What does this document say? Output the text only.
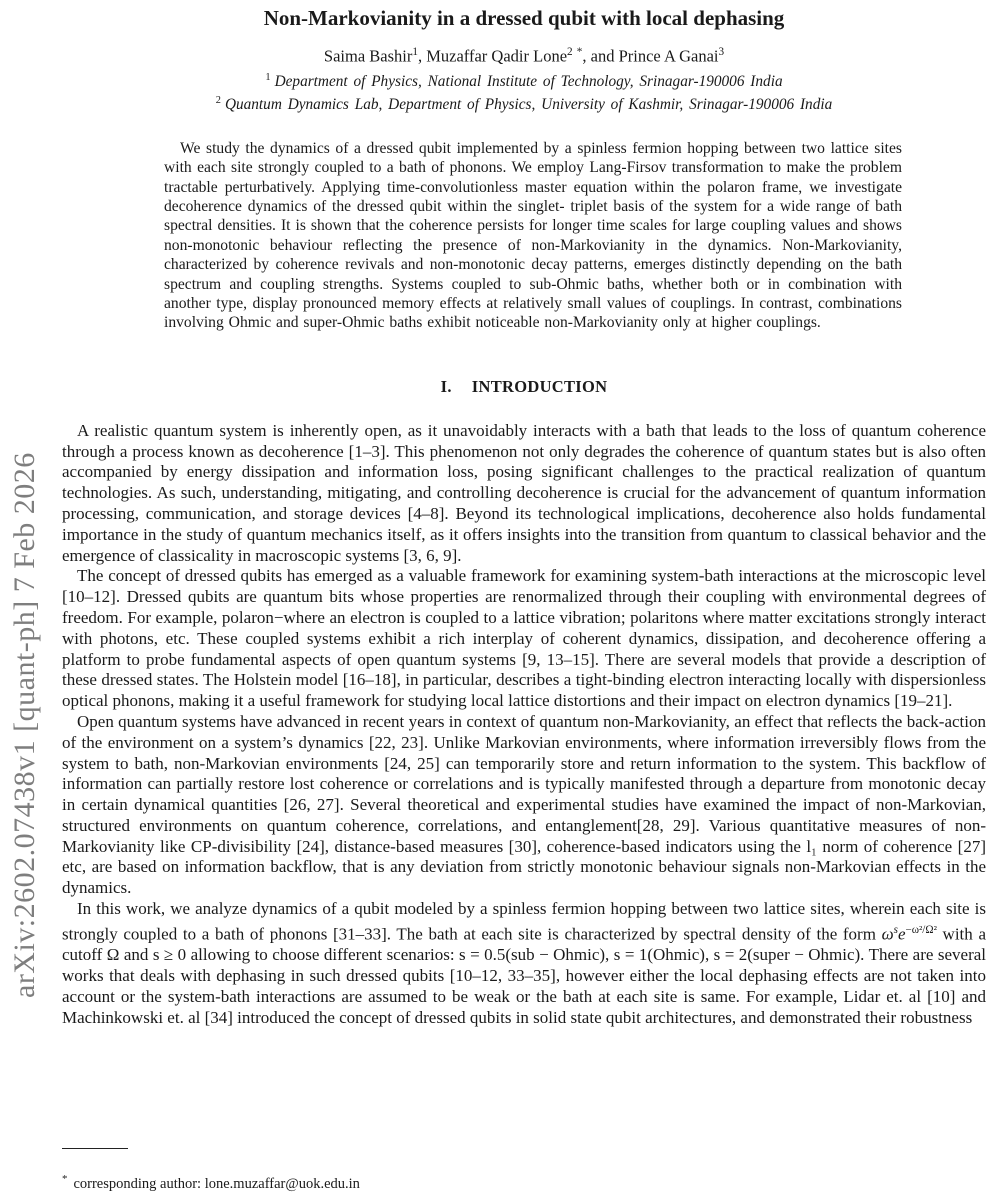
arXiv:2602.07438v1 [quant-ph] 7 Feb 2026
Non-Markovianity in a dressed qubit with local dephasing
Saima Bashir$^1$, Muzaffar Qadir Lone$^2$ *, and Prince A Ganai$^3$
$^1$ Department of Physics, National Institute of Technology, Srinagar-190006 India
$^2$ Quantum Dynamics Lab, Department of Physics, University of Kashmir, Srinagar-190006 India
We study the dynamics of a dressed qubit implemented by a spinless fermion hopping between two lattice sites with each site strongly coupled to a bath of phonons. We employ Lang-Firsov transformation to make the problem tractable perturbatively. Applying time-convolutionless master equation within the polaron frame, we investigate decoherence dynamics of the dressed qubit within the singlet- triplet basis of the system for a wide range of bath spectral densities. It is shown that the coherence persists for longer time scales for large coupling values and shows non-monotonic behaviour reflecting the presence of non-Markovianity in the dynamics. Non-Markovianity, characterized by coherence revivals and non-monotonic decay patterns, emerges distinctly depending on the bath spectrum and coupling strengths. Systems coupled to sub-Ohmic baths, whether both or in combination with another type, display pronounced memory effects at relatively small values of couplings. In contrast, combinations involving Ohmic and super-Ohmic baths exhibit noticeable non-Markovianity only at higher couplings.
I. INTRODUCTION

A realistic quantum system is inherently open, as it unavoidably interacts with a bath that leads to the loss of quantum coherence through a process known as decoherence [1–3]. This phenomenon not only degrades the coherence of quantum states but is also often accompanied by energy dissipation and information loss, posing significant challenges to the practical realization of quantum technologies. As such, understanding, mitigating, and controlling decoherence is crucial for the advancement of quantum information processing, communication, and storage devices [4–8]. Beyond its technological implications, decoherence also holds fundamental importance in the study of quantum mechanics itself, as it offers insights into the transition from quantum to classical behavior and the emergence of classicality in macroscopic systems [3, 6, 9].

The concept of dressed qubits has emerged as a valuable framework for examining system-bath interactions at the microscopic level [10–12]. Dressed qubits are quantum bits whose properties are renormalized through their coupling with environmental degrees of freedom. For example, polaron−where an electron is coupled to a lattice vibration; polaritons where matter excitations strongly interact with photons, etc. These coupled systems exhibit a rich interplay of coherent dynamics, dissipation, and decoherence offering a platform to probe fundamental aspects of open quantum systems [9, 13–15]. There are several models that provide a description of these dressed states. The Holstein model [16–18], in particular, describes a tight-binding electron interacting locally with dispersionless optical phonons, making it a useful framework for studying local lattice distortions and their impact on electron dynamics [19–21].

Open quantum systems have advanced in recent years in context of quantum non-Markovianity, an effect that reflects the back-action of the environment on a system’s dynamics [22, 23]. Unlike Markovian environments, where information irreversibly flows from the system to bath, non-Markovian environments [24, 25] can temporarily store and return information to the system. This backflow of information can partially restore lost coherence or correlations and is typically manifested through a departure from monotonic decay in certain dynamical quantities [26, 27]. Several theoretical and experimental studies have examined the impact of non-Markovian, structured environments on quantum coherence, correlations, and entanglement[28, 29]. Various quantitative measures of non-Markovianity like CP-divisibility [24], distance-based measures [30], coherence-based indicators using the l₁ norm of coherence [27] etc, are based on information backflow, that is any deviation from strictly monotonic behaviour signals non-Markovian effects in the dynamics.

In this work, we analyze dynamics of a qubit modeled by a spinless fermion hopping between two lattice sites, wherein each site is strongly coupled to a bath of phonons [31–33]. The bath at each site is characterized by spectral density of the form $\omega^se^{-\omega^2/\Omega^2}$ with a cutoff Ω and s ≥ 0 allowing to choose different scenarios: s = 0.5(sub − Ohmic), s = 1(Ohmic), s = 2(super − Ohmic). There are several works that deals with dephasing in such dressed qubits [10–12, 33–35], however either the local dephasing effects are not taken into account or the system-bath interactions are assumed to be weak or the bath at each site is same. For example, Lidar et. al [10] and Machinkowski et. al [34] introduced the concept of dressed qubits in solid state qubit architectures, and demonstrated their robustness

* corresponding author: lone.muzaffar@uok.edu.in
